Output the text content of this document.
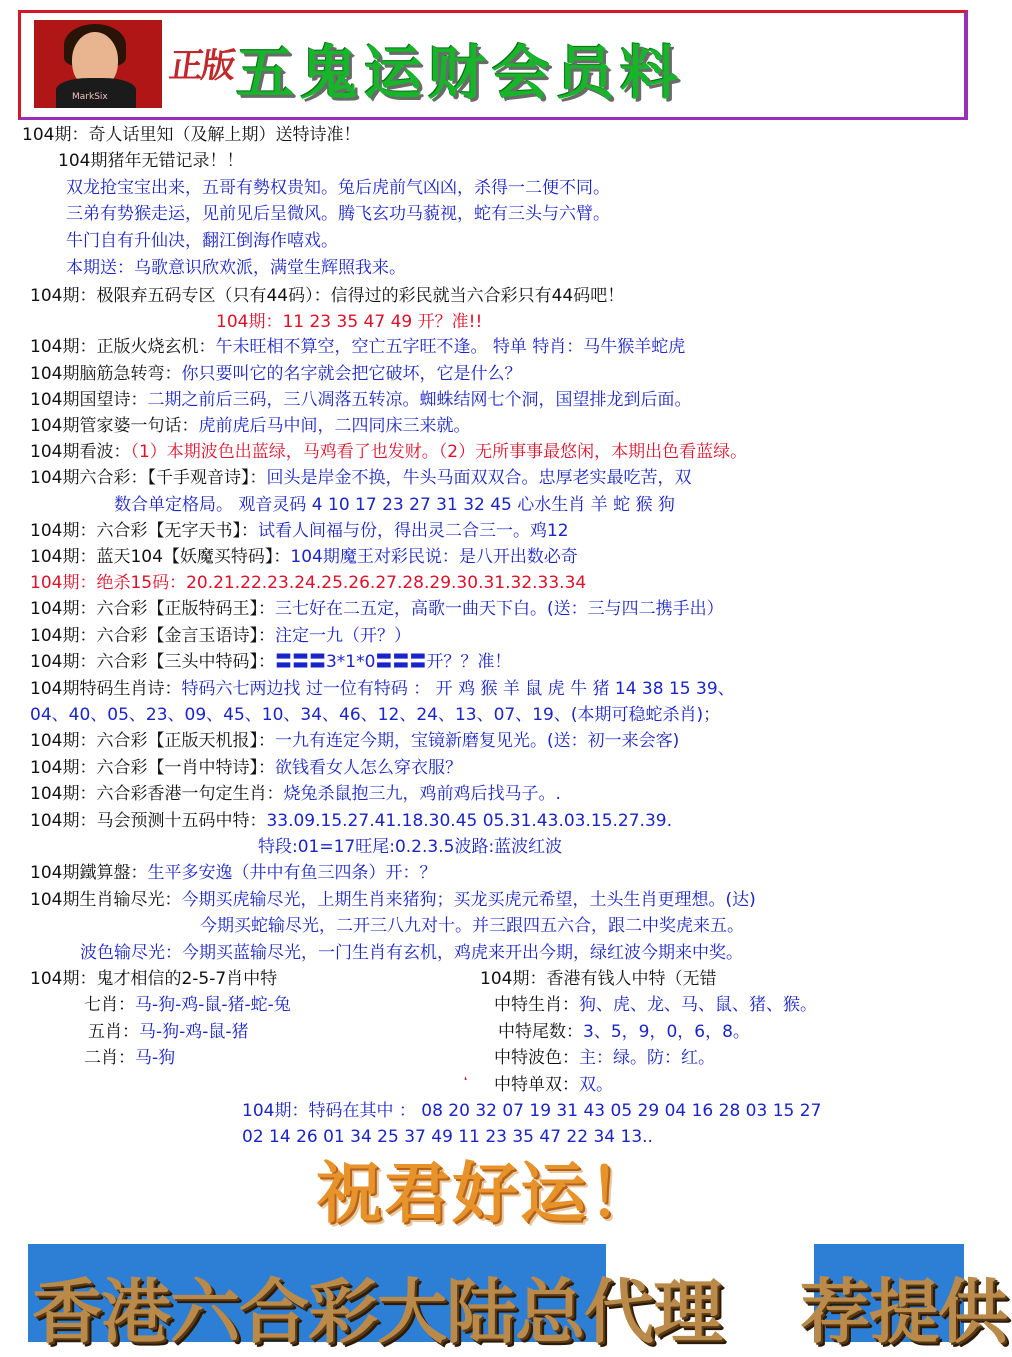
MarkSix
正版 五鬼运财会员料
104期：奇人话里知（及解上期）送特诗准！
104期猪年无错记录！！
双龙抢宝宝出来，五哥有勢权贵知。兔后虎前气凶凶，杀得一二便不同。
三弟有势猴走运，见前见后呈微风。腾飞玄功马藐视，蛇有三头与六臂。
牛门自有升仙决，翻江倒海作嘻戏。
本期送：乌歌意识欣欢派，满堂生辉照我来。
104期：极限弃五码专区（只有44码）：信得过的彩民就当六合彩只有44码吧！
104期：11 23 35 47 49 开？准!!
104期：正版火烧玄机：午未旺相不算空，空亡五字旺不逢。 特单 特肖：马牛猴羊蛇虎
104期脑筋急转弯：你只要叫它的名字就会把它破坏，它是什么？
104期国望诗：二期之前后三码，三八凋落五转凉。蜘蛛结网七个洞，国望排龙到后面。
104期管家婆一句话：虎前虎后马中间，二四同床三来就。
104期看波：（1）本期波色出蓝绿，马鸡看了也发财。（2）无所事事最悠闲，本期出色看蓝绿。
104期六合彩：【千手观音诗】：回头是岸金不换，牛头马面双双合。忠厚老实最吃苦，双
数合单定格局。 观音灵码 4 10 17 23 27 31 32 45 心水生肖 羊 蛇 猴 狗
104期：六合彩【无字天书】：试看人间福与份，得出灵二合三一。鸡12
104期：蓝天104【妖魔买特码】：104期魔王对彩民说：是八开出数必奇
104期：绝杀15码：20.21.22.23.24.25.26.27.28.29.30.31.32.33.34
104期：六合彩【正版特码王】：三七好在二五定，高歌一曲天下白。(送：三与四二携手出）
104期：六合彩【金言玉语诗】：注定一九（开？）
104期：六合彩【三头中特码】：〓〓〓3*1*0〓〓〓开？？准！
104期特码生肖诗：特码六七两边找 过一位有特码 ： 开 鸡 猴 羊 鼠 虎 牛 猪 14 38 15 39、
04、40、05、23、09、45、10、34、46、12、24、13、07、19、(本期可稳蛇杀肖)；
104期：六合彩【正版天机报】：一九有连定今期，宝镜新磨复见光。(送：初一来会客)
104期：六合彩【一肖中特诗】：欲钱看女人怎么穿衣服？
104期：六合彩香港一句定生肖：烧兔杀鼠抱三九，鸡前鸡后找马子。.
104期：马会预测十五码中特：33.09.15.27.41.18.30.45 05.31.43.03.15.27.39.
特段:01=17旺尾:0.2.3.5波路:蓝波红波
104期鐵算盤：生平多安逸（井中有鱼三四条）开：？
104期生肖输尽光：今期买虎输尽光，上期生肖来猪狗；买龙买虎元希望，土头生肖更理想。(达)
今期买蛇输尽光，二开三八九对十。并三跟四五六合，跟二中奖虎来五。
波色输尽光：今期买蓝输尽光，一门生肖有玄机，鸡虎来开出今期，绿红波今期来中奖。
104期：鬼才相信的2-5-7肖中特
七肖：马-狗-鸡-鼠-猪-蛇-兔
五肖：马-狗-鸡-鼠-猪
二肖：马-狗
104期：香港有钱人中特（无错
中特生肖：狗、虎、龙、马、鼠、猪、猴。
中特尾数：3、5，9，0，6，8。
中特波色：主：绿。防：红。
中特单双：双。
❛
104期：特码在其中 ： 08 20 32 07 19 31 43 05 29 04 16 28 03 15 27
02 14 26 01 34 25 37 49 11 23 35 47 22 34 13..
祝君好运！
香港六合彩大陆总代理 荐提供
